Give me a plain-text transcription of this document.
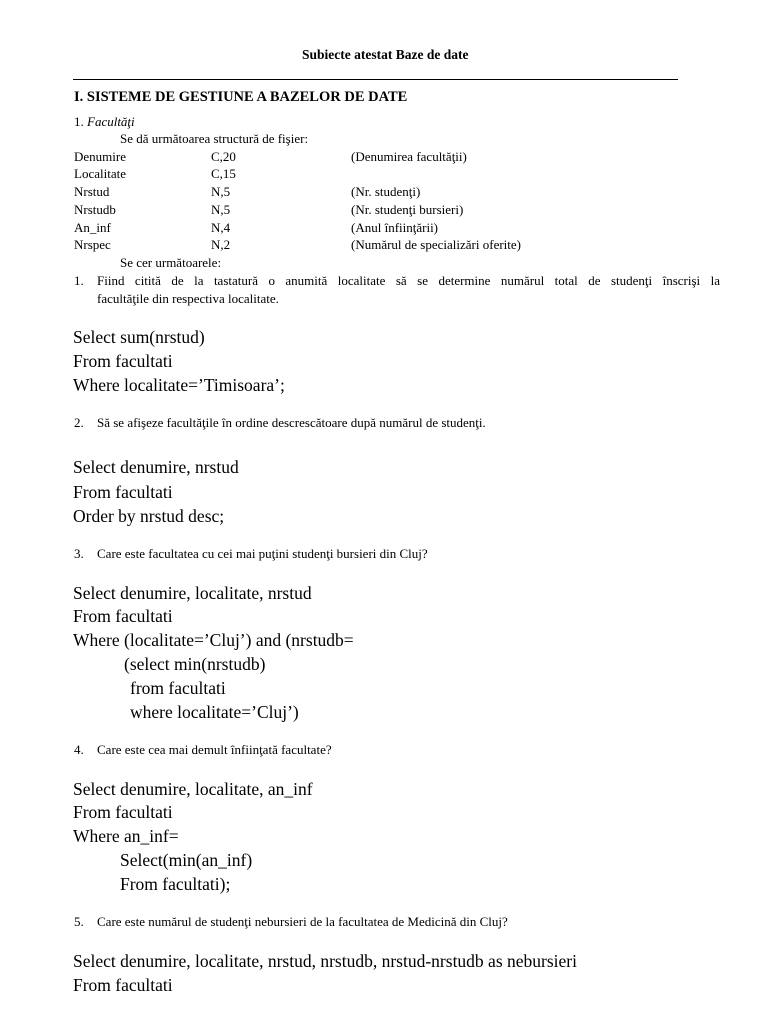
Subiecte atestat Baze de date
I. SISTEME DE GESTIUNE A BAZELOR DE DATE
1. Facultăţi
Se dă următoarea structură de fişier:
Denumire	C,20	(Denumirea facultăţii)
Localitate	C,15
Nrstud	N,5	(Nr. studenţi)
Nrstudb	N,5	(Nr. studenţi bursieri)
An_inf	N,4	(Anul înfiinţării)
Nrspec	N,2	(Numărul de specializări oferite)
Se cer următoarele:
1. Fiind citită de la tastatură o anumită localitate să se determine numărul total de studenţi înscrişi la
facultăţile din respectiva localitate.
Select sum(nrstud)
From facultati
Where localitate=’Timisoara’;
2. Să se afişeze facultăţile în ordine descrescătoare după numărul de studenţi.
Select denumire, nrstud
From facultati
Order by nrstud desc;
3. Care este facultatea cu cei mai puţini studenţi bursieri din Cluj?
Select denumire, localitate, nrstud
From facultati
Where (localitate=’Cluj’) and (nrstudb=
(select min(nrstudb)
from facultati
where localitate=’Cluj’)
4. Care este cea mai demult înfiinţată facultate?
Select denumire, localitate, an_inf
From facultati
Where an_inf=
Select(min(an_inf)
From facultati);
5. Care este numărul de studenţi nebursieri de la facultatea de Medicină din Cluj?
Select denumire, localitate, nrstud, nrstudb, nrstud-nrstudb as nebursieri
From facultati
